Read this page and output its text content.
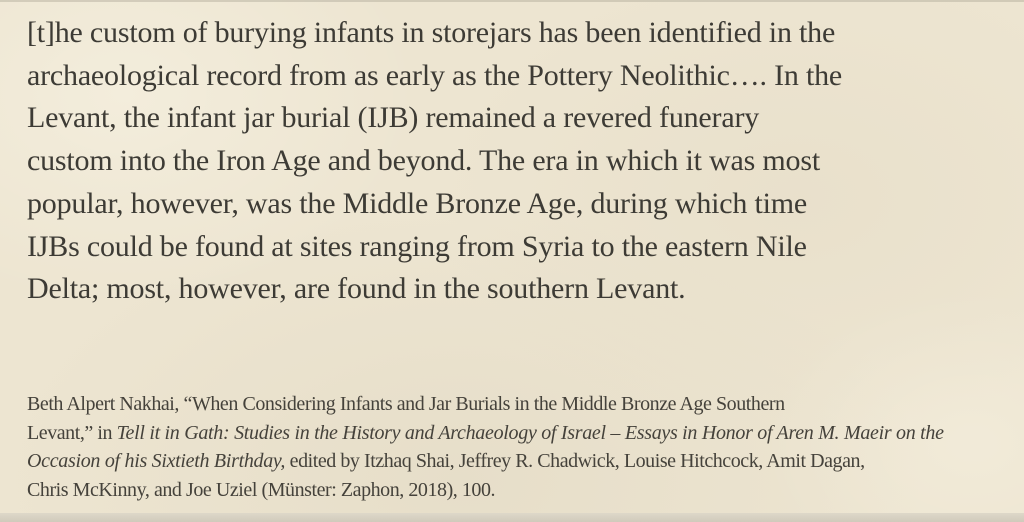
[t]he custom of burying infants in storejars has been identified in the
archaeological record from as early as the Pottery Neolithic…. In the
Levant, the infant jar burial (IJB) remained a revered funerary
custom into the Iron Age and beyond. The era in which it was most
popular, however, was the Middle Bronze Age, during which time
IJBs could be found at sites ranging from Syria to the eastern Nile
Delta; most, however, are found in the southern Levant.
Beth Alpert Nakhai, “When Considering Infants and Jar Burials in the Middle Bronze Age Southern
Levant,” in Tell it in Gath: Studies in the History and Archaeology of Israel – Essays in Honor of Aren M. Maeir on the
Occasion of his Sixtieth Birthday, edited by Itzhaq Shai, Jeffrey R. Chadwick, Louise Hitchcock, Amit Dagan,
Chris McKinny, and Joe Uziel (Münster: Zaphon, 2018), 100.
